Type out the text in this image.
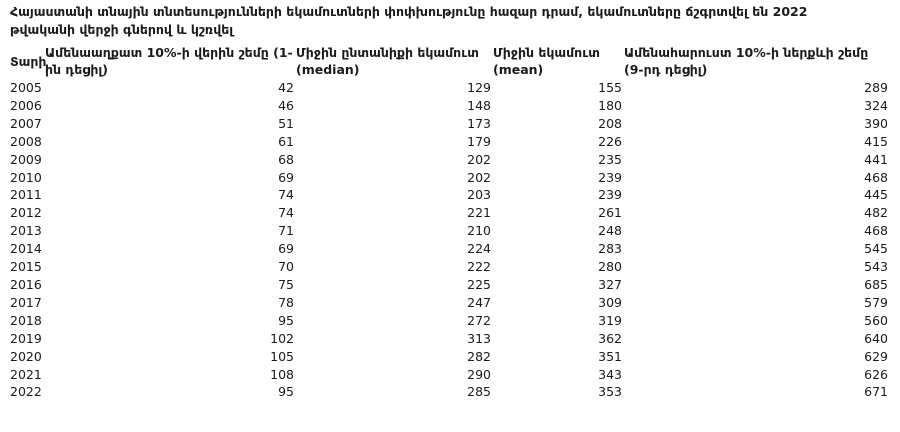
Հայաստանի տնային տնտեսությունների եկամուտների փոփխությունը հազար դրամ, եկամուտները ճշգրտվել են 2022 թվականի վերջի գներով և կշռվել
Տարի	Ամենաաղքատ 10%-ի վերին շեմը (1-ին դեցիլ)	Միջին ընտանիքի եկամուտ (median)	Միջին եկամուտ (mean)	Ամենահարուստ 10%-ի ներքևի շեմը (9-րդ դեցիլ)
2005	42	129	155	289
2006	46	148	180	324
2007	51	173	208	390
2008	61	179	226	415
2009	68	202	235	441
2010	69	202	239	468
2011	74	203	239	445
2012	74	221	261	482
2013	71	210	248	468
2014	69	224	283	545
2015	70	222	280	543
2016	75	225	327	685
2017	78	247	309	579
2018	95	272	319	560
2019	102	313	362	640
2020	105	282	351	629
2021	108	290	343	626
2022	95	285	353	671
